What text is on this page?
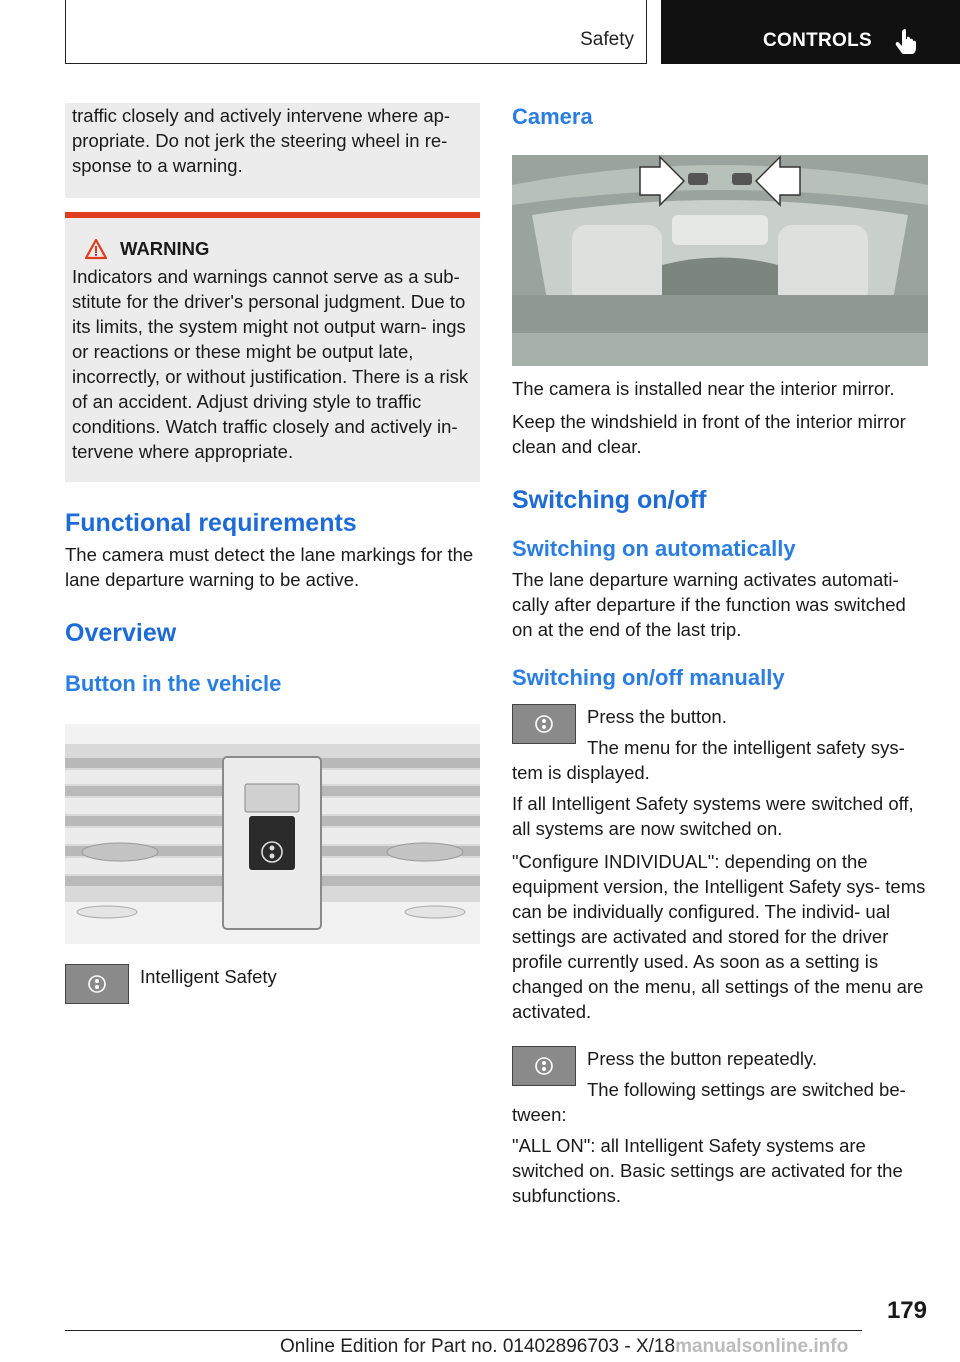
Safety	CONTROLS

traffic closely and actively intervene where ap‐ propriate. Do not jerk the steering wheel in re‐ sponse to a warning.

WARNING

Indicators and warnings cannot serve as a sub‐ stitute for the driver's personal judgment. Due to its limits, the system might not output warn‐ ings or reactions or these might be output late, incorrectly, or without justification. There is a risk of an accident. Adjust driving style to traffic conditions. Watch traffic closely and actively in‐ tervene where appropriate.

Functional requirements

The camera must detect the lane markings for the lane departure warning to be active.

Overview
Button in the vehicle

Intelligent Safety

Camera

The camera is installed near the interior mirror.

Keep the windshield in front of the interior mirror clean and clear.

Switching on/off
Switching on automatically

The lane departure warning activates automati‐ cally after departure if the function was switched on at the end of the last trip.

Switching on/off manually

Press the button.

The menu for the intelligent safety sys‐ tem is displayed.

If all Intelligent Safety systems were switched off, all systems are now switched on.

"Configure INDIVIDUAL": depending on the equipment version, the Intelligent Safety sys‐ tems can be individually configured. The individ‐ ual settings are activated and stored for the driver profile currently used. As soon as a setting is changed on the menu, all settings of the menu are activated.

Press the button repeatedly.

The following settings are switched be‐ tween:

"ALL ON": all Intelligent Safety systems are switched on. Basic settings are activated for the subfunctions.

179
Online Edition for Part no. 01402896703 - X/18manualsonline.info
